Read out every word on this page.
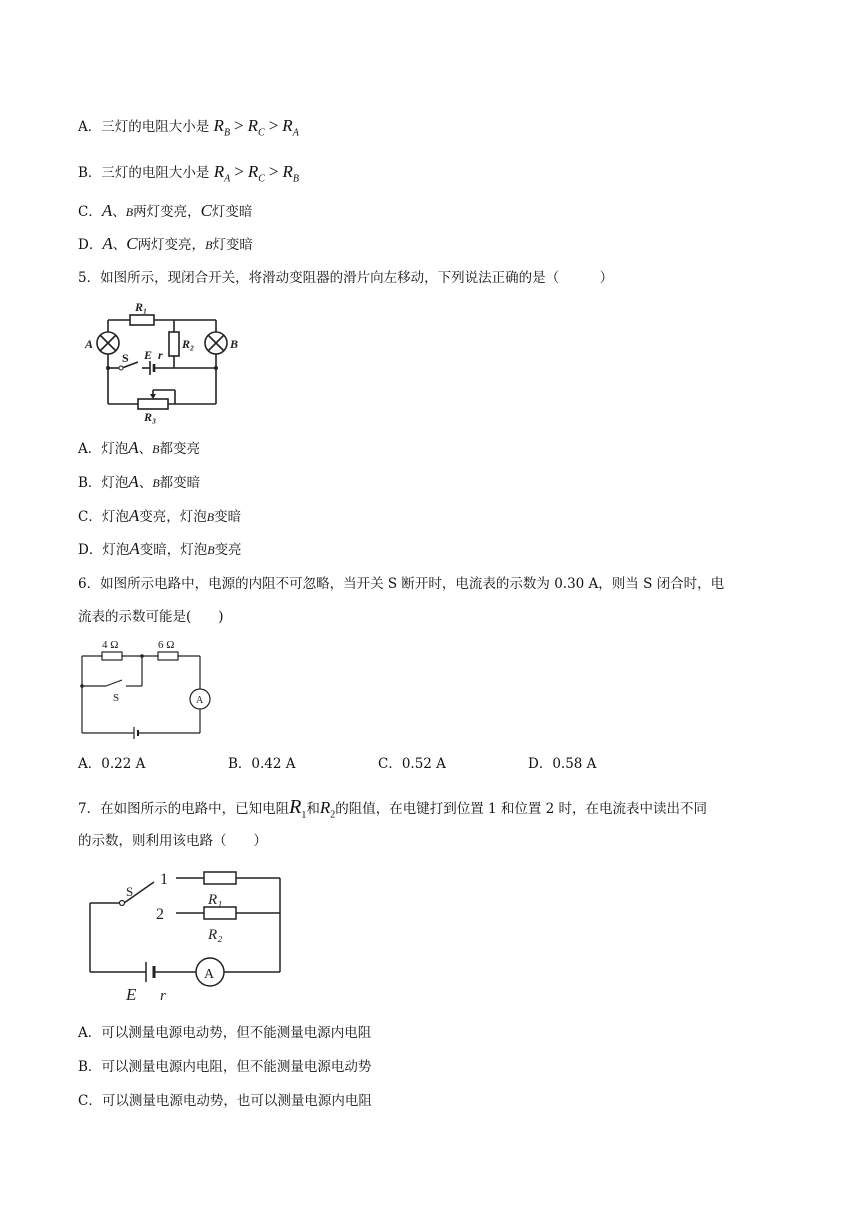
A．三灯的电阻大小是 $R_B > R_C > R_A$
B．三灯的电阻大小是 $R_A > R_C > R_B$
C．A、B两灯变亮，C灯变暗
D．A、C两灯变亮，B灯变暗
5．如图所示，现闭合开关，将滑动变阻器的滑片向左移动，下列说法正确的是（　　　）
A	B
R₁
R₂
R₃
S E r
A．灯泡A、B都变亮
B．灯泡A、B都变暗
C．灯泡A变亮，灯泡B变暗
D．灯泡A变暗，灯泡B变亮
6．如图所示电路中，电源的内阻不可忽略，当开关 S 断开时，电流表的示数为 0.30 A，则当 S 闭合时，电
流表的示数可能是(　　)
4 Ω	6 Ω
S	A
A．0.22 A	B．0.42 A	C．0.52 A	D．0.58 A
7．在如图所示的电路中，已知电阻$R_1$和$R_2$的阻值，在电键打到位置 1 和位置 2 时，在电流表中读出不同
的示数，则利用该电路（　　）
S
1
2
R₁
R₂
E r
A
A．可以测量电源电动势，但不能测量电源内电阻
B．可以测量电源内电阻，但不能测量电源电动势
C．可以测量电源电动势，也可以测量电源内电阻
